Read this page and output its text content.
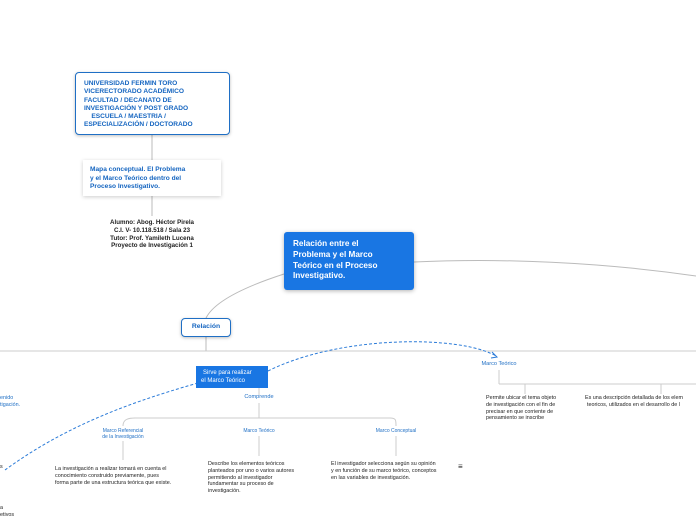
UNIVERSIDAD FERMIN TORO
VICERECTORADO ACADÉMICO
FACULTAD / DECANATO DE
INVESTIGACIÓN Y POST GRADO
ESCUELA / MAESTRIA /
ESPECIALIZACIÓN / DOCTORADO
Mapa conceptual. El Problema
y el Marco Teórico dentro del
Proceso Investigativo.
Alumno: Abog. Héctor Pirela
C.I. V- 10.118.518 / Sala 23
Tutor: Prof. Yamileth Lucena
Proyecto de Investigación 1	Relación entre el
Problema y el Marco
Teórico en el Proceso
Investigativo.
Relación
Sirve para realizar
el Marco Teórico
Marco Teórico
Permite ubicar el tema objeto
de investigación con el fin de
precisar en que corriente de
pensamiento se inscribe
Es una descripción detallada de los elem
teoricos, utilizados en el desarrollo de l
Comprende
Marco Referencial
de la Investigación
Marco Teórico	Marco Conceptual
La investigación a realizar tomará en cuenta el
conocimiento construido previamente, pues
forma parte de una estructura teórica que existe.
Describe los elementos teóricos
planteados por uno o varios autores
permitiendo al investigador
fundamentar su proceso de
investigación.
El investigador selecciona según su opinión
y en función de su marco teórico, conceptos
en las variables de investigación.
≡
enido
tigación.
s
a
etivos
